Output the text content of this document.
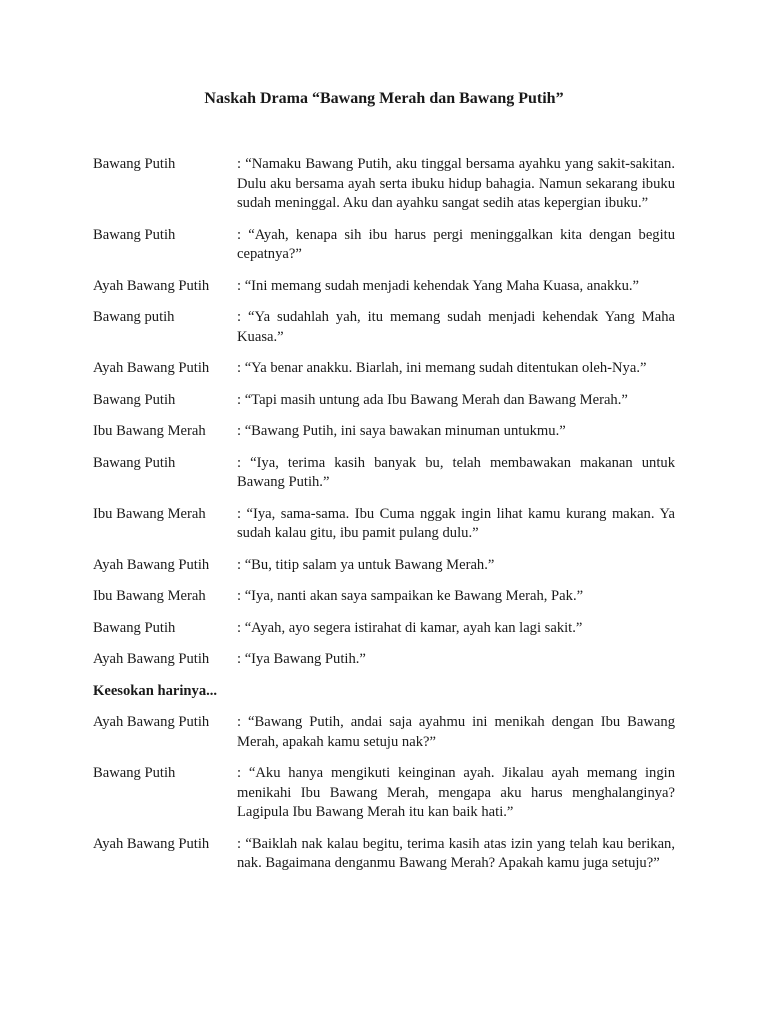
Naskah Drama “Bawang Merah dan Bawang Putih”
Bawang Putih	: “Namaku Bawang Putih, aku tinggal bersama ayahku yang sakit-sakitan. Dulu aku bersama ayah serta ibuku hidup bahagia. Namun sekarang ibuku sudah meninggal. Aku dan ayahku sangat sedih atas kepergian ibuku.”
Bawang Putih	: “Ayah, kenapa sih ibu harus pergi meninggalkan kita dengan begitu cepatnya?”
Ayah Bawang Putih	: “Ini memang sudah menjadi kehendak Yang Maha Kuasa, anakku.”
Bawang putih	: “Ya sudahlah yah, itu memang sudah menjadi kehendak Yang Maha Kuasa.”
Ayah Bawang Putih	: “Ya benar anakku. Biarlah, ini memang sudah ditentukan oleh-Nya.”
Bawang Putih	: “Tapi masih untung ada Ibu Bawang Merah dan Bawang Merah.”
Ibu Bawang Merah	: “Bawang Putih, ini saya bawakan minuman untukmu.”
Bawang Putih	: “Iya, terima kasih banyak bu, telah membawakan makanan untuk Bawang Putih.”
Ibu Bawang Merah	: “Iya, sama-sama. Ibu Cuma nggak ingin lihat kamu kurang makan. Ya sudah kalau gitu, ibu pamit pulang dulu.”
Ayah Bawang Putih	: “Bu, titip salam ya untuk Bawang Merah.”
Ibu Bawang Merah	: “Iya, nanti akan saya sampaikan ke Bawang Merah, Pak.”
Bawang Putih	: “Ayah, ayo segera istirahat di kamar, ayah kan lagi sakit.”
Ayah Bawang Putih	: “Iya Bawang Putih.”
Keesokan harinya...
Ayah Bawang Putih	: “Bawang Putih, andai saja ayahmu ini menikah dengan Ibu Bawang Merah, apakah kamu setuju nak?”
Bawang Putih	: “Aku hanya mengikuti keinginan ayah. Jikalau ayah memang ingin menikahi Ibu Bawang Merah, mengapa aku harus menghalanginya? Lagipula Ibu Bawang Merah itu kan baik hati.”
Ayah Bawang Putih	: “Baiklah nak kalau begitu, terima kasih atas izin yang telah kau berikan, nak. Bagaimana denganmu Bawang Merah? Apakah kamu juga setuju?”
